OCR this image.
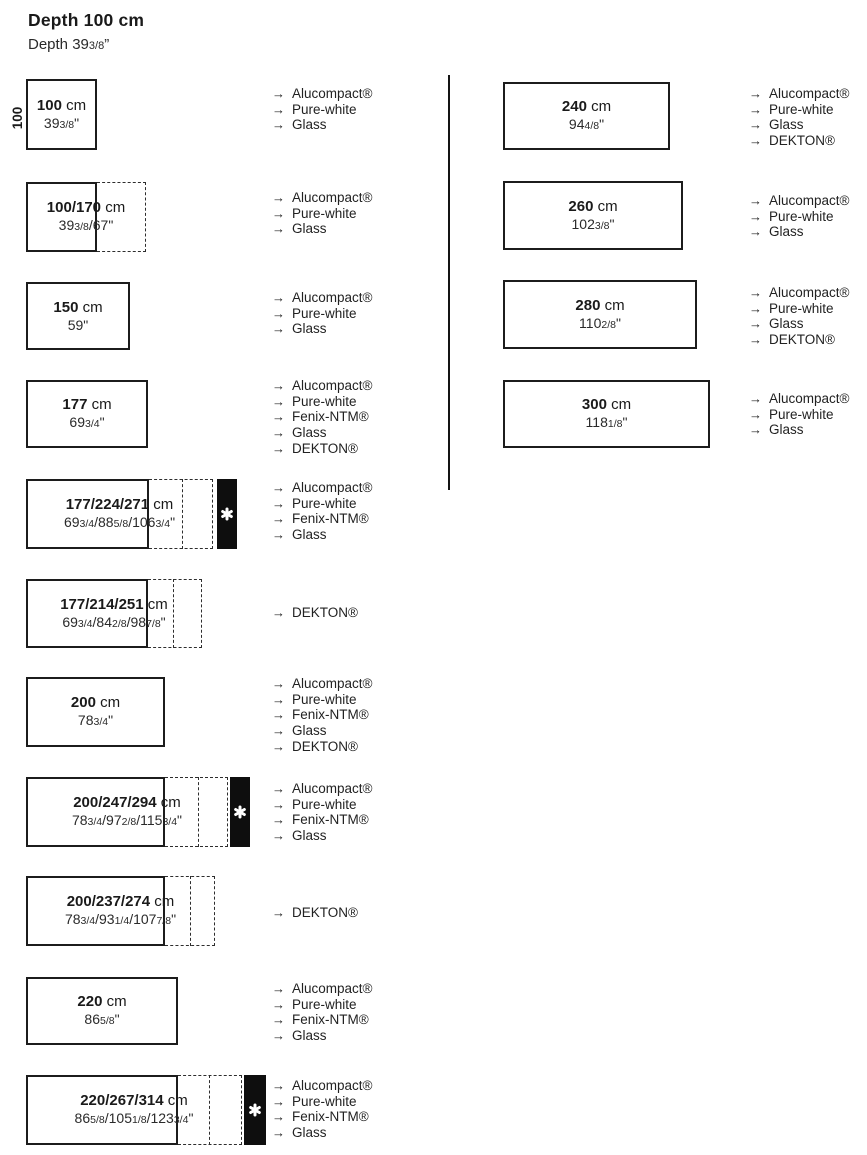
Depth 100 cm
Depth 393/8”
100
100 cm
393/8"
→ Alucompact®
→ Pure-white
→ Glass
100/170 cm
393/8/67"
→ Alucompact®
→ Pure-white
→ Glass
150 cm
59"
→ Alucompact®
→ Pure-white
→ Glass
177 cm
693/4"
→ Alucompact®
→ Pure-white
→ Fenix-NTM®
→ Glass
→ DEKTON®
177/224/271 cm
693/4/885/8/1063/4"
→ Alucompact®
→ Pure-white
→ Fenix-NTM®
→ Glass
177/214/251 cm
693/4/842/8/987/8"
→ DEKTON®
200 cm
783/4"
→ Alucompact®
→ Pure-white
→ Fenix-NTM®
→ Glass
→ DEKTON®
200/247/294 cm
783/4/972/8/1153/4"
→ Alucompact®
→ Pure-white
→ Fenix-NTM®
→ Glass
200/237/274 cm
783/4/931/4/1077/8"	→ DEKTON®
220 cm
865/8"
→ Alucompact®
→ Pure-white
→ Fenix-NTM®
→ Glass
220/267/314 cm
865/8/1051/8/1233/4"
→ Alucompact®
→ Pure-white
→ Fenix-NTM®
→ Glass
240 cm
944/8"
→ Alucompact®
→ Pure-white
→ Glass
→ DEKTON®
260 cm
1023/8"
→ Alucompact®
→ Pure-white
→ Glass
280 cm
1102/8"
→ Alucompact®
→ Pure-white
→ Glass
→ DEKTON®
300 cm
1181/8"
→ Alucompact®
→ Pure-white
→ Glass
